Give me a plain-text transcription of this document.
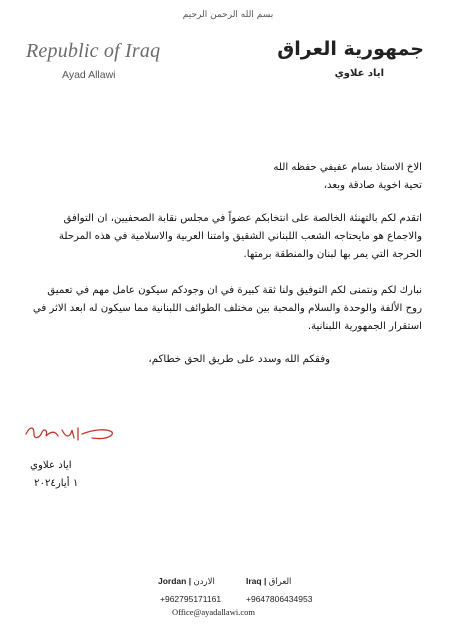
بسم الله الرحمن الرحيم
Republic of Iraq
Ayad Allawi
جمهورية العراق
اياد علاوي
الاخ الاستاذ بسام عفيفي حفظه الله
تحية اخوية صادقة وبعد،
اتقدم لكم بالتهنئة الخالصة على انتخابكم عضواً في مجلس نقابة الصحفيين، ان التوافق والاجماع هو مايحتاجه الشعب اللبناني الشقيق وامتنا العربية والاسلامية في هذه المرحلة الحرجة التي يمر بها لبنان والمنطقة برمتها.
نبارك لكم ونتمنى لكم التوفيق ولنا ثقة كبيرة في ان وجودكم سيكون عامل مهم في تعميق روح الألفة والوحدة والسلام والمحبة بين مختلف الطوائف اللبنانية مما سيكون له ابعد الاثر في استقرار الجمهورية اللبنانية.
وفقكم الله وسدد على طريق الحق خطاكم،
اياد علاوي
١ أيار٢٠٢٤
Jordan | الاردن	Iraq | العراق
+962795171161	+9647806434953
Office@ayadallawi.com
